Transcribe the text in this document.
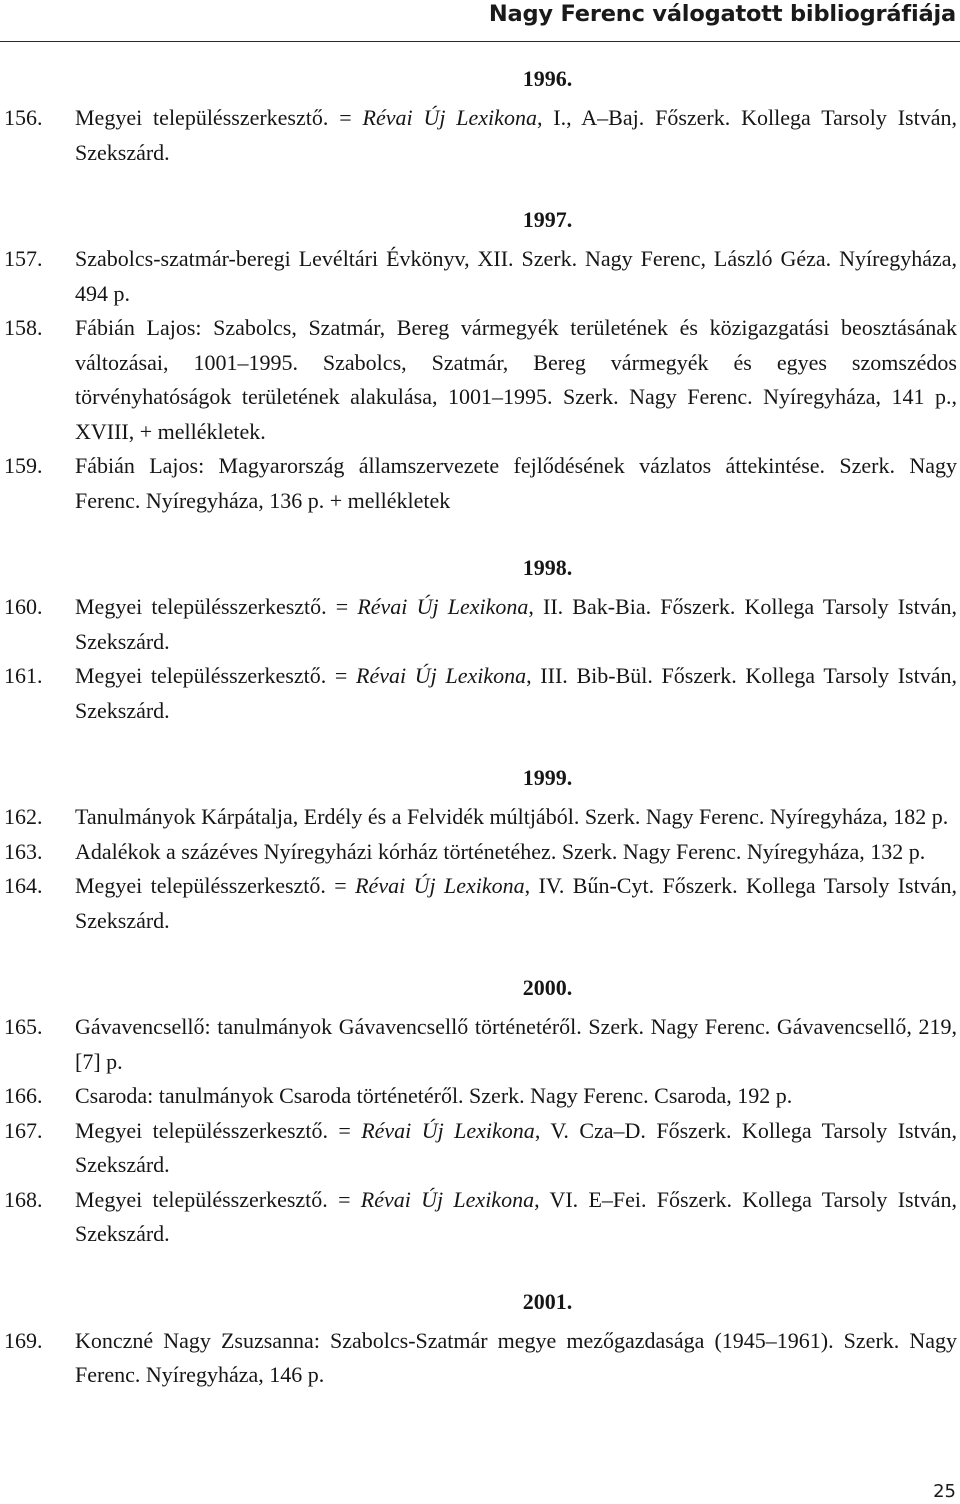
Nagy Ferenc válogatott bibliográfiája
1996.
156.	Megyei településszerkesztő. = Révai Új Lexikona, I., A–Baj. Főszerk. Kollega Tarsoly István, Szekszárd.
1997.
157.	Szabolcs-szatmár-beregi Levéltári Évkönyv, XII. Szerk. Nagy Ferenc, László Géza. Nyíregyháza, 494 p.
158.	Fábián Lajos: Szabolcs, Szatmár, Bereg vármegyék területének és közigazgatási beosztásának változásai, 1001–1995. Szabolcs, Szatmár, Bereg vármegyék és egyes szomszédos törvényhatóságok területének alakulása, 1001–1995. Szerk. Nagy Ferenc. Nyíregyháza, 141 p., XVIII, + mellékletek.
159.	Fábián Lajos: Magyarország államszervezete fejlődésének vázlatos áttekintése. Szerk. Nagy Ferenc. Nyíregyháza, 136 p. + mellékletek
1998.
160.	Megyei településszerkesztő. = Révai Új Lexikona, II. Bak-Bia. Főszerk. Kollega Tarsoly István, Szekszárd.
161.	Megyei településszerkesztő. = Révai Új Lexikona, III. Bib-Bül. Főszerk. Kollega Tarsoly István, Szekszárd.
1999.
162.	Tanulmányok Kárpátalja, Erdély és a Felvidék múltjából. Szerk. Nagy Ferenc. Nyíregyháza, 182 p.
163.	Adalékok a százéves Nyíregyházi kórház történetéhez. Szerk. Nagy Ferenc. Nyíregyháza, 132 p.
164.	Megyei településszerkesztő. = Révai Új Lexikona, IV. Bűn-Cyt. Főszerk. Kollega Tarsoly István, Szekszárd.
2000.
165.	Gávavencsellő: tanulmányok Gávavencsellő történetéről. Szerk. Nagy Ferenc. Gávavencsellő, 219, [7] p.
166.	Csaroda: tanulmányok Csaroda történetéről. Szerk. Nagy Ferenc. Csaroda, 192 p.
167.	Megyei településszerkesztő. = Révai Új Lexikona, V. Cza–D. Főszerk. Kollega Tarsoly István, Szekszárd.
168.	Megyei településszerkesztő. = Révai Új Lexikona, VI. E–Fei. Főszerk. Kollega Tarsoly István, Szekszárd.
2001.
169.	Konczné Nagy Zsuzsanna: Szabolcs-Szatmár megye mezőgazdasága (1945–1961). Szerk. Nagy Ferenc. Nyíregyháza, 146 p.
25
